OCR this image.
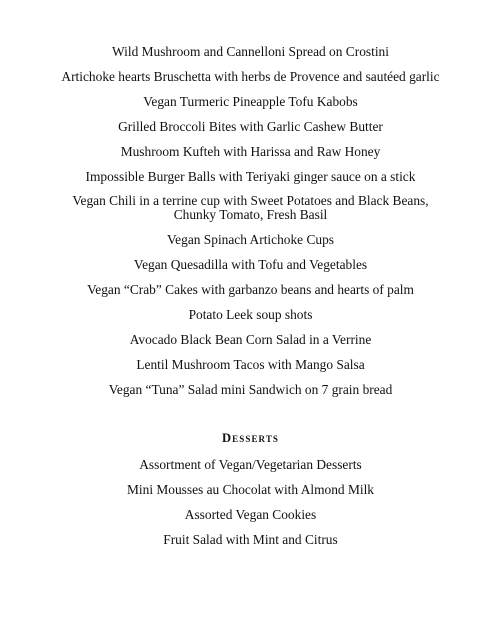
Wild Mushroom and Cannelloni Spread on Crostini
Artichoke hearts Bruschetta with herbs de Provence and sautéed garlic
Vegan Turmeric Pineapple Tofu Kabobs
Grilled Broccoli Bites with Garlic Cashew Butter
Mushroom Kufteh with Harissa and Raw Honey
Impossible Burger Balls with Teriyaki ginger sauce on a stick
Vegan Chili in a terrine cup with Sweet Potatoes and Black Beans, Chunky Tomato, Fresh Basil
Vegan Spinach Artichoke Cups
Vegan Quesadilla with Tofu and Vegetables
Vegan “Crab” Cakes with garbanzo beans and hearts of palm
Potato Leek soup shots
Avocado Black Bean Corn Salad in a Verrine
Lentil Mushroom Tacos with Mango Salsa
Vegan “Tuna” Salad mini Sandwich on 7 grain bread
Desserts
Assortment of Vegan/Vegetarian Desserts
Mini Mousses au Chocolat with Almond Milk
Assorted Vegan Cookies
Fruit Salad with Mint and Citrus
